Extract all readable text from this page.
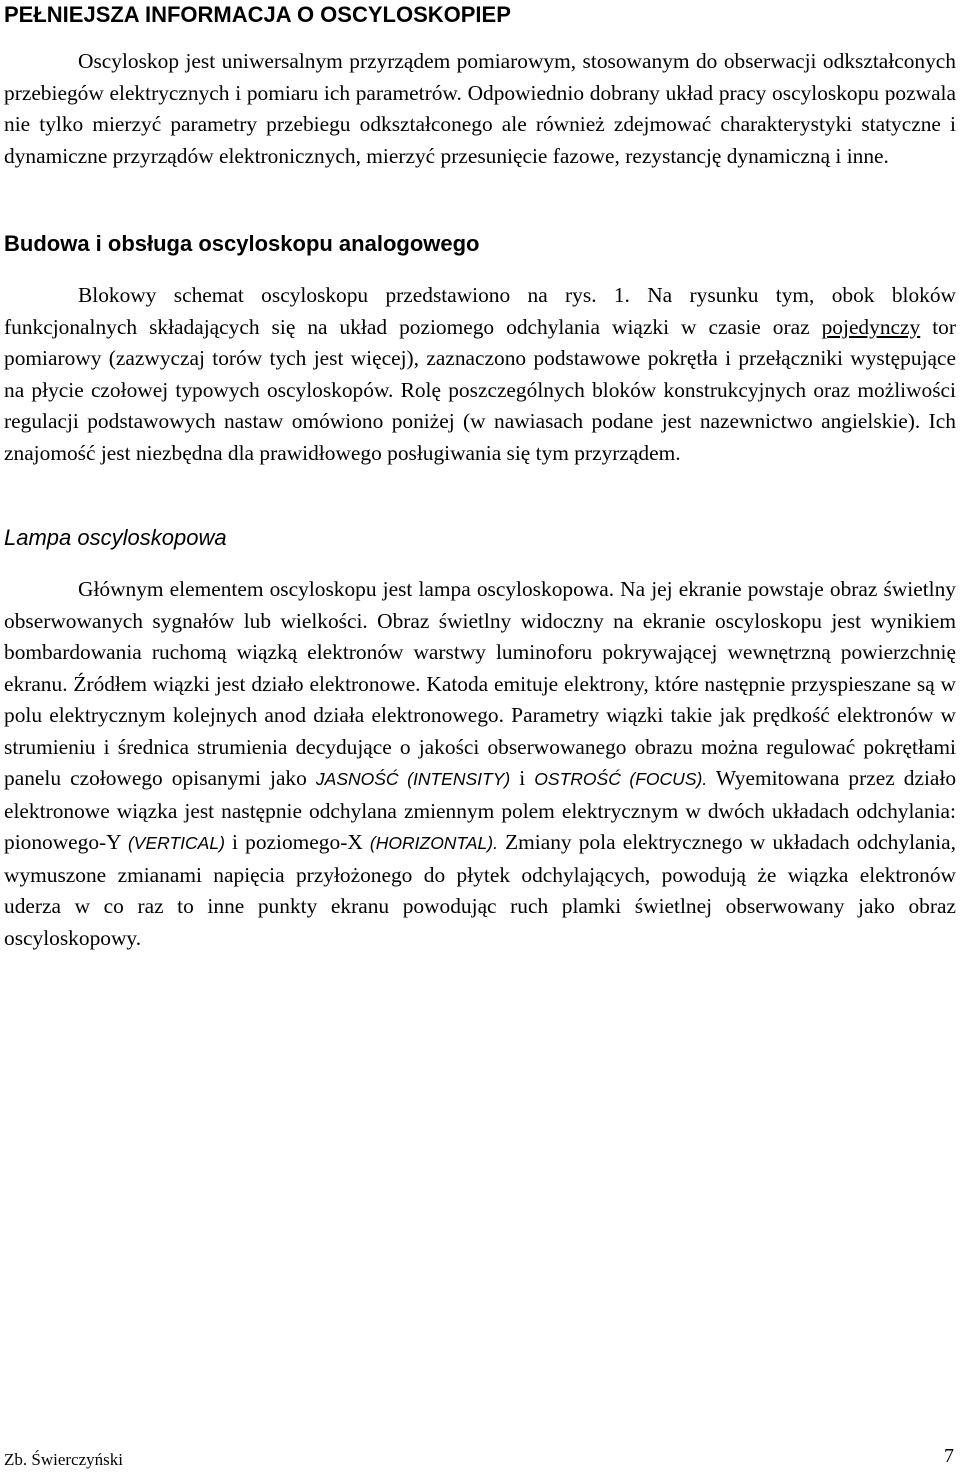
PEŁNIEJSZA INFORMACJA O OSCYLOSKOPIEP

Oscyloskop jest uniwersalnym przyrządem pomiarowym, stosowanym do obserwacji odkształconych przebiegów elektrycznych i pomiaru ich parametrów. Odpowiednio dobrany układ pracy oscyloskopu pozwala nie tylko mierzyć parametry przebiegu odkształconego ale również zdejmować charakterystyki statyczne i dynamiczne przyrządów elektronicznych, mierzyć przesunięcie fazowe, rezystancję dynamiczną i inne.

Budowa i obsługa oscyloskopu analogowego

Blokowy schemat oscyloskopu przedstawiono na rys. 1. Na rysunku tym, obok bloków funkcjonalnych składających się na układ poziomego odchylania wiązki w czasie oraz pojedynczy tor pomiarowy (zazwyczaj torów tych jest więcej), zaznaczono podstawowe pokrętła i przełączniki występujące na płycie czołowej typowych oscyloskopów. Rolę poszczególnych bloków konstrukcyjnych oraz możliwości regulacji podstawowych nastaw omówiono poniżej (w nawiasach podane jest nazewnictwo angielskie). Ich znajomość jest niezbędna dla prawidłowego posługiwania się tym przyrządem.

Lampa oscyloskopowa

Głównym elementem oscyloskopu jest lampa oscyloskopowa. Na jej ekranie powstaje obraz świetlny obserwowanych sygnałów lub wielkości. Obraz świetlny widoczny na ekranie oscyloskopu jest wynikiem bombardowania ruchomą wiązką elektronów warstwy luminoforu pokrywającej wewnętrzną powierzchnię ekranu. Źródłem wiązki jest działo elektronowe. Katoda emituje elektrony, które następnie przyspieszane są w polu elektrycznym kolejnych anod działa elektronowego. Parametry wiązki takie jak prędkość elektronów w strumieniu i średnica strumienia decydujące o jakości obserwowanego obrazu można regulować pokrętłami panelu czołowego opisanymi jako JASNOŚĆ (INTENSITY) i OSTROŚĆ (FOCUS). Wyemitowana przez działo elektronowe wiązka jest następnie odchylana zmiennym polem elektrycznym w dwóch układach odchylania: pionowego-Y (VERTICAL) i poziomego-X (HORIZONTAL). Zmiany pola elektrycznego w układach odchylania, wymuszone zmianami napięcia przyłożonego do płytek odchylających, powodują że wiązka elektronów uderza w co raz to inne punkty ekranu powodując ruch plamki świetlnej obserwowany jako obraz oscyloskopowy.

Zb. Świerczyński	7
